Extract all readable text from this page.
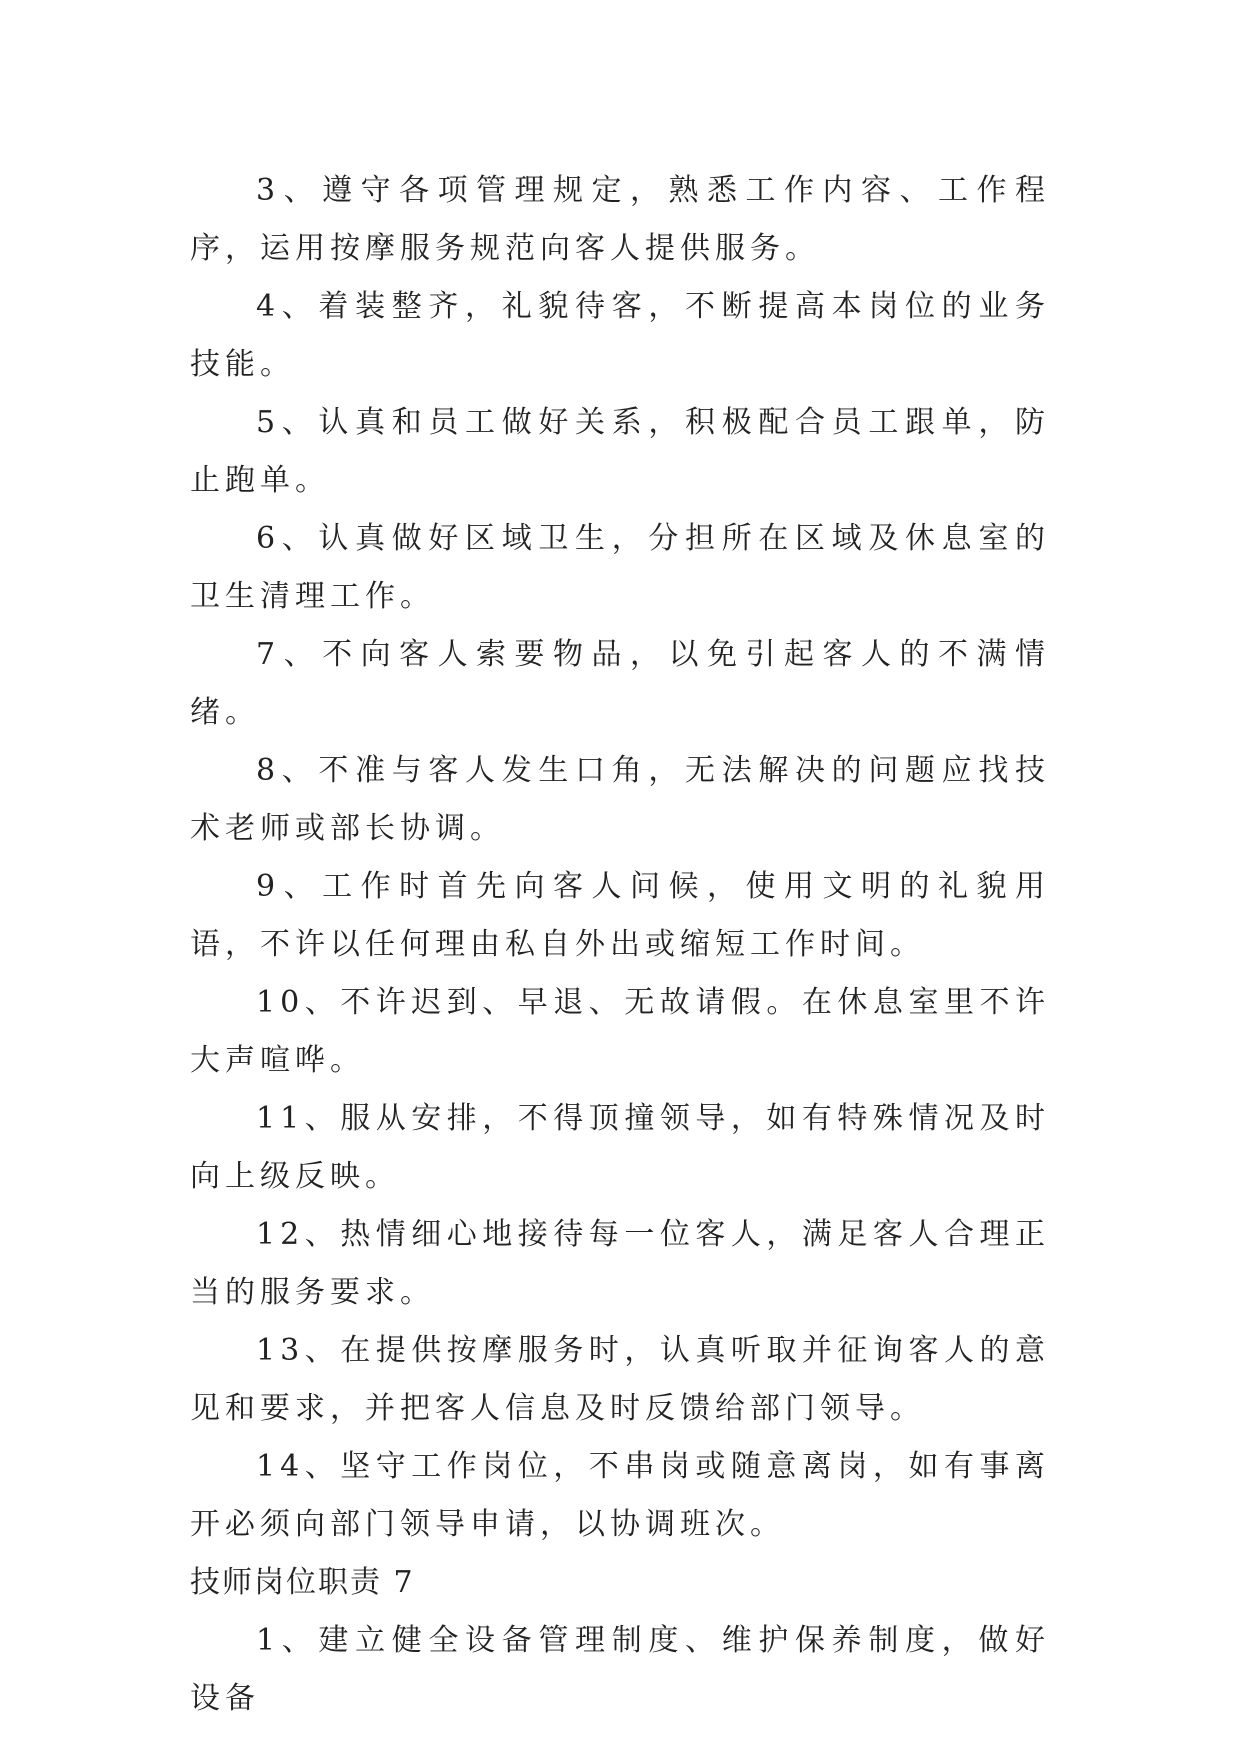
3、遵守各项管理规定，熟悉工作内容、工作程序，运用按摩服务规范向客人提供服务。

4、着装整齐，礼貌待客，不断提高本岗位的业务技能。

5、认真和员工做好关系，积极配合员工跟单，防止跑单。

6、认真做好区域卫生，分担所在区域及休息室的卫生清理工作。

7、不向客人索要物品，以免引起客人的不满情绪。

8、不准与客人发生口角，无法解决的问题应找技术老师或部长协调。

9、工作时首先向客人问候，使用文明的礼貌用语，不许以任何理由私自外出或缩短工作时间。

10、不许迟到、早退、无故请假。在休息室里不许大声喧哗。

11、服从安排，不得顶撞领导，如有特殊情况及时向上级反映。

12、热情细心地接待每一位客人，满足客人合理正当的服务要求。

13、在提供按摩服务时，认真听取并征询客人的意见和要求，并把客人信息及时反馈给部门领导。

14、坚守工作岗位，不串岗或随意离岗，如有事离开必须向部门领导申请，以协调班次。

技师岗位职责 7

1、建立健全设备管理制度、维护保养制度，做好设备
